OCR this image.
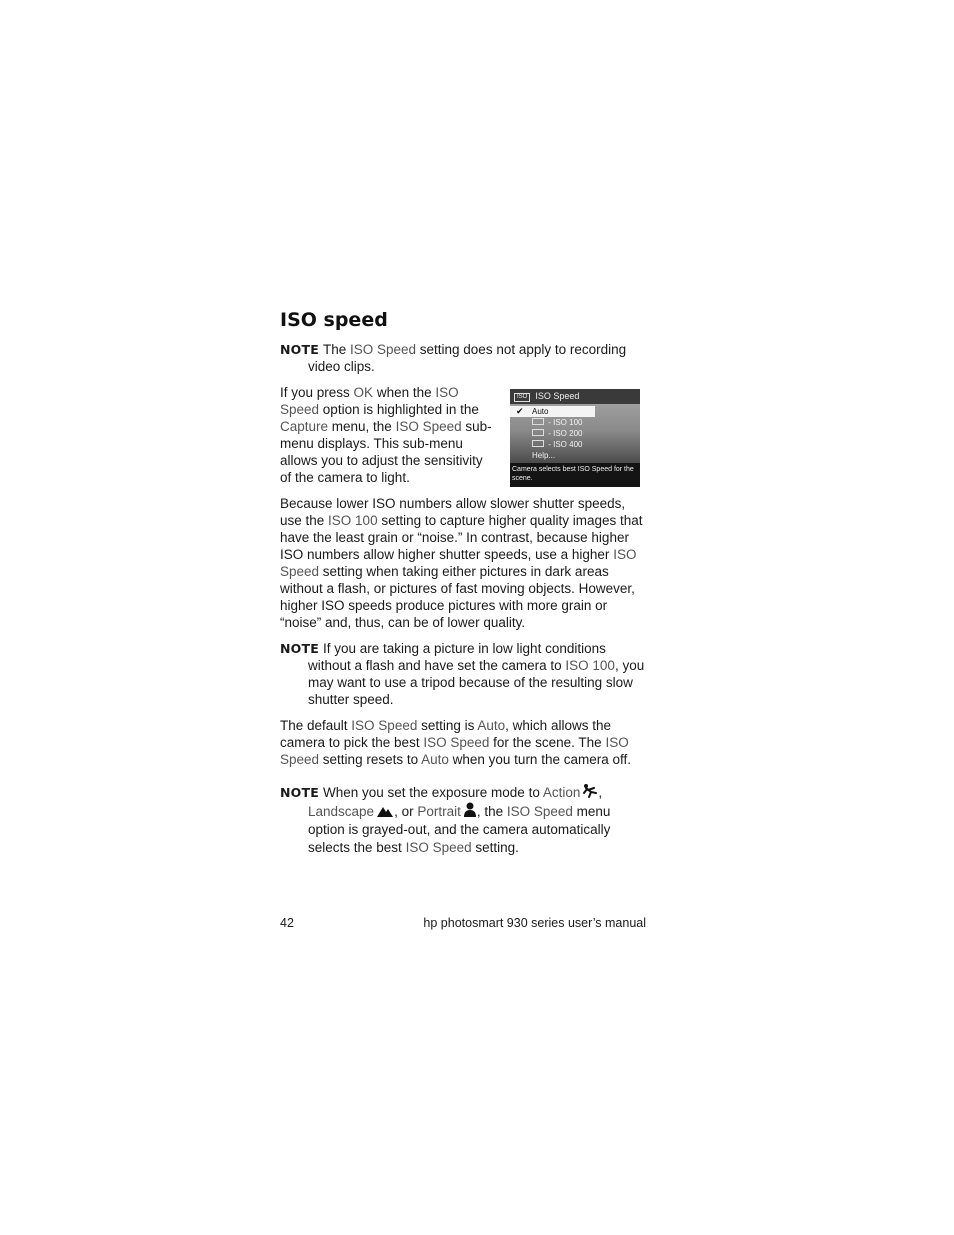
ISO speed

NOTE The ISO Speed setting does not apply to recording video clips.

If you press OK when the ISO Speed option is highlighted in the Capture menu, the ISO Speed sub-menu displays. This sub-menu allows you to adjust the sensitivity of the camera to light.

ISO ISO Speed
✔ Auto
- ISO 100
- ISO 200
- ISO 400
Help...
Camera selects best ISO Speed for the scene.

Because lower ISO numbers allow slower shutter speeds, use the ISO 100 setting to capture higher quality images that have the least grain or “noise.” In contrast, because higher ISO numbers allow higher shutter speeds, use a higher ISO Speed setting when taking either pictures in dark areas without a flash, or pictures of fast moving objects. However, higher ISO speeds produce pictures with more grain or “noise” and, thus, can be of lower quality.

NOTE If you are taking a picture in low light conditions without a flash and have set the camera to ISO 100, you may want to use a tripod because of the resulting slow shutter speed.

The default ISO Speed setting is Auto, which allows the camera to pick the best ISO Speed for the scene. The ISO Speed setting resets to Auto when you turn the camera off.

NOTE When you set the exposure mode to Action , Landscape , or Portrait , the ISO Speed menu option is grayed-out, and the camera automatically selects the best ISO Speed setting.

42	hp photosmart 930 series user’s manual
